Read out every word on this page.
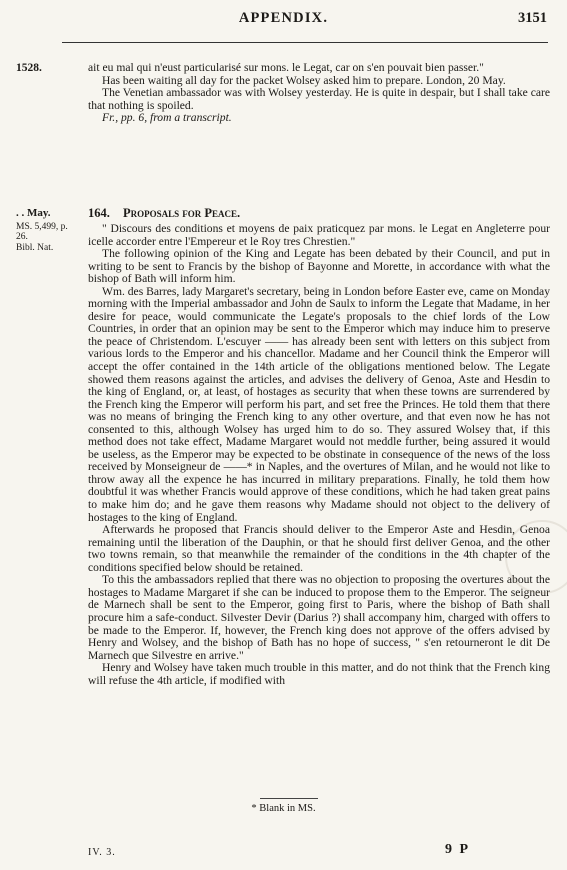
APPENDIX.	3151
1528.	ait eu mal qui n'eust particularisé sur mons. le Legat, car on s'en pouvait bien passer."

Has been waiting all day for the packet Wolsey asked him to prepare. London, 20 May.

The Venetian ambassador was with Wolsey yesterday. He is quite in despair, but I shall take care that nothing is spoiled.

Fr., pp. 6, from a transcript.

. . May.
MS. 5,499, p. 26.
Bibl. Nat.
164. Proposals for Peace.

" Discours des conditions et moyens de paix praticquez par mons. le Legat en Angleterre pour icelle accorder entre l'Empereur et le Roy tres Chrestien."

The following opinion of the King and Legate has been debated by their Council, and put in writing to be sent to Francis by the bishop of Bayonne and Morette, in accordance with what the bishop of Bath will inform him.

Wm. des Barres, lady Margaret's secretary, being in London before Easter eve, came on Monday morning with the Imperial ambassador and John de Saulx to inform the Legate that Madame, in her desire for peace, would communicate the Legate's proposals to the chief lords of the Low Countries, in order that an opinion may be sent to the Emperor which may induce him to preserve the peace of Christendom. L'escuyer —— has already been sent with letters on this subject from various lords to the Emperor and his chancellor. Madame and her Council think the Emperor will accept the offer contained in the 14th article of the obligations mentioned below. The Legate showed them reasons against the articles, and advises the delivery of Genoa, Aste and Hesdin to the king of England, or, at least, of hostages as security that when these towns are surrendered by the French king the Emperor will perform his part, and set free the Princes. He told them that there was no means of bringing the French king to any other overture, and that even now he has not consented to this, although Wolsey has urged him to do so. They assured Wolsey that, if this method does not take effect, Madame Margaret would not meddle further, being assured it would be useless, as the Emperor may be expected to be obstinate in consequence of the news of the loss received by Monseigneur de ——* in Naples, and the overtures of Milan, and he would not like to throw away all the expence he has incurred in military preparations. Finally, he told them how doubtful it was whether Francis would approve of these conditions, which he had taken great pains to make him do; and he gave them reasons why Madame should not object to the delivery of hostages to the king of England.

Afterwards he proposed that Francis should deliver to the Emperor Aste and Hesdin, Genoa remaining until the liberation of the Dauphin, or that he should first deliver Genoa, and the other two towns remain, so that meanwhile the remainder of the conditions in the 4th chapter of the conditions specified below should be retained.

To this the ambassadors replied that there was no objection to proposing the overtures about the hostages to Madame Margaret if she can be induced to propose them to the Emperor. The seigneur de Marnech shall be sent to the Emperor, going first to Paris, where the bishop of Bath shall procure him a safe-conduct. Silvester Devir (Darius ?) shall accompany him, charged with offers to be made to the Emperor. If, however, the French king does not approve of the offers advised by Henry and Wolsey, and the bishop of Bath has no hope of success, " s'en retourneront le dit De Marnech que Silvestre en arrive."

Henry and Wolsey have taken much trouble in this matter, and do not think that the French king will refuse the 4th article, if modified with

* Blank in MS.
IV. 3.	9 P
